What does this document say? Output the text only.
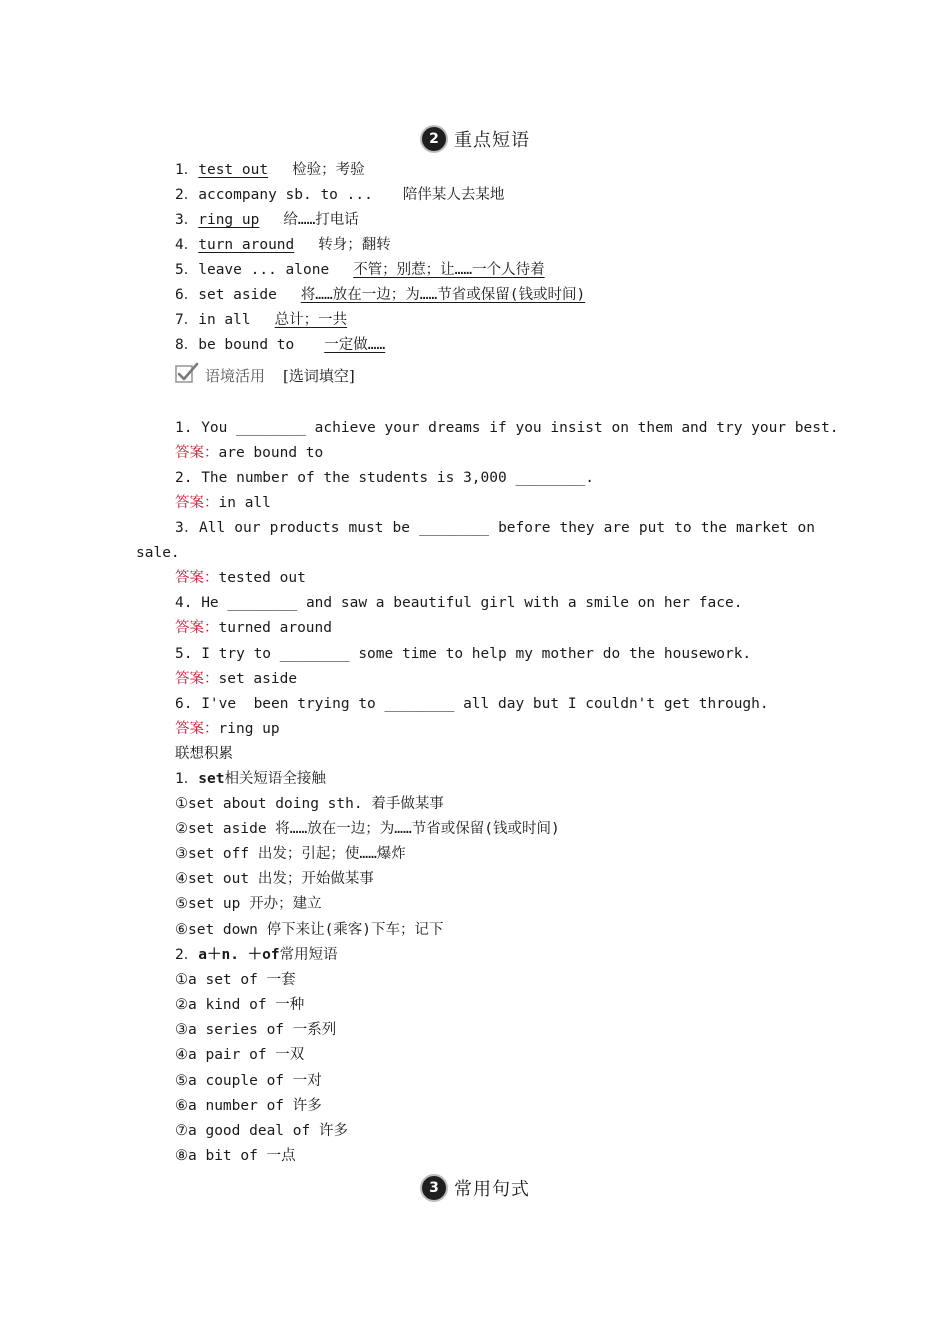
2 重点短语
1．test out 检验；考验
2．accompany sb. to ... 陪伴某人去某地
3．ring up 给……打电话
4．turn around 转身；翻转
5．leave ... alone 不管；别惹；让……一个人待着
6．set aside 将……放在一边；为……节省或保留(钱或时间)
7．in all 总计；一共
8．be bound to 一定做……
语境活用 [选词填空]
1. You ________ achieve your dreams if you insist on them and try your best.
答案：are bound to
2. The number of the students is 3,000 ________.
答案：in all
3．All our products must be ________ before they are put to the market on
sale.
答案：tested out
4. He ________ and saw a beautiful girl with a smile on her face.
答案：turned around
5. I try to ________ some time to help my mother do the housework.
答案：set aside
6. I've  been trying to ________ all day but I couldn't get through.
答案：ring up
联想积累
1．set相关短语全接触
①set about doing sth. 着手做某事
②set aside 将……放在一边；为……节省或保留(钱或时间)
③set off 出发；引起；使……爆炸
④set out 出发；开始做某事
⑤set up 开办；建立
⑥set down 停下来让(乘客)下车；记下
2．a＋n. ＋of常用短语
①a set of 一套
②a kind of 一种
③a series of 一系列
④a pair of 一双
⑤a couple of 一对
⑥a number of 许多
⑦a good deal of 许多
⑧a bit of 一点
3 常用句式
